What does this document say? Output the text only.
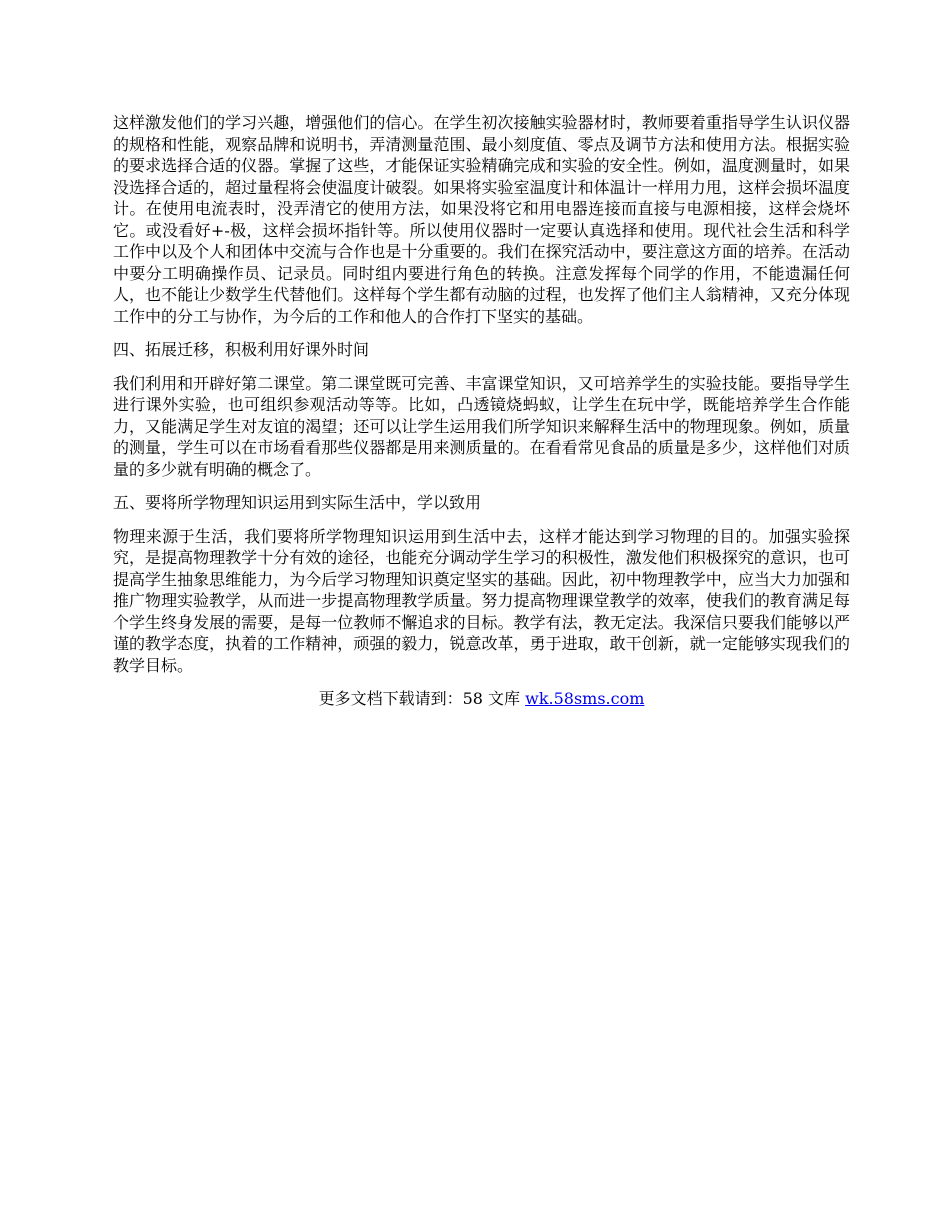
这样激发他们的学习兴趣，增强他们的信心。在学生初次接触实验器材时，教师要着重指导学生认识仪器的规格和性能，观察品牌和说明书，弄清测量范围、最小刻度值、零点及调节方法和使用方法。根据实验的要求选择合适的仪器。掌握了这些，才能保证实验精确完成和实验的安全性。例如，温度测量时，如果没选择合适的，超过量程将会使温度计破裂。如果将实验室温度计和体温计一样用力甩，这样会损坏温度计。在使用电流表时，没弄清它的使用方法，如果没将它和用电器连接而直接与电源相接，这样会烧坏它。或没看好+-极，这样会损坏指针等。所以使用仪器时一定要认真选择和使用。现代社会生活和科学工作中以及个人和团体中交流与合作也是十分重要的。我们在探究活动中，要注意这方面的培养。在活动中要分工明确操作员、记录员。同时组内要进行角色的转换。注意发挥每个同学的作用，不能遗漏任何人，也不能让少数学生代替他们。这样每个学生都有动脑的过程，也发挥了他们主人翁精神，又充分体现工作中的分工与协作，为今后的工作和他人的合作打下坚实的基础。

四、拓展迁移，积极利用好课外时间

我们利用和开辟好第二课堂。第二课堂既可完善、丰富课堂知识，又可培养学生的实验技能。要指导学生进行课外实验，也可组织参观活动等等。比如，凸透镜烧蚂蚁，让学生在玩中学，既能培养学生合作能力，又能满足学生对友谊的渴望；还可以让学生运用我们所学知识来解释生活中的物理现象。例如，质量的测量，学生可以在市场看看那些仪器都是用来测质量的。在看看常见食品的质量是多少，这样他们对质量的多少就有明确的概念了。

五、要将所学物理知识运用到实际生活中，学以致用

物理来源于生活，我们要将所学物理知识运用到生活中去，这样才能达到学习物理的目的。加强实验探究，是提高物理教学十分有效的途径，也能充分调动学生学习的积极性，激发他们积极探究的意识，也可提高学生抽象思维能力，为今后学习物理知识奠定坚实的基础。因此，初中物理教学中，应当大力加强和推广物理实验教学，从而进一步提高物理教学质量。努力提高物理课堂教学的效率，使我们的教育满足每个学生终身发展的需要，是每一位教师不懈追求的目标。教学有法，教无定法。我深信只要我们能够以严谨的教学态度，执着的工作精神，顽强的毅力，锐意改革，勇于进取，敢干创新，就一定能够实现我们的教学目标。

更多文档下载请到：58 文库 wk.58sms.com
